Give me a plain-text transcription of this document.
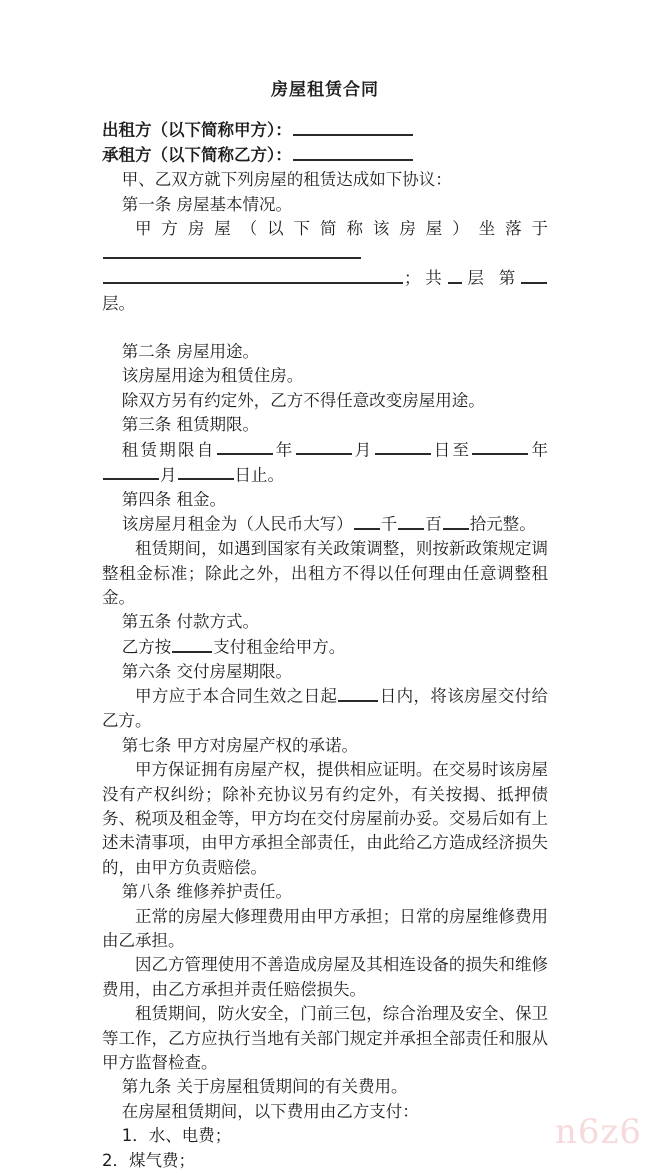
房屋租赁合同

出租方（以下简称甲方）：

承租方（以下简称乙方）：

甲、乙双方就下列房屋的租赁达成如下协议：

第一条 房屋基本情况。

甲方房屋（以下简称该房屋）坐落于；共 层 第层。

第二条 房屋用途。

该房屋用途为租赁住房。

除双方另有约定外，乙方不得任意改变房屋用途。

第三条 租赁期限。

租赁期限自	年	月	日至	年月	日止。

第四条 租金。

该房屋月租金为（人民币大写） 千 百 拾元整。

租赁期间，如遇到国家有关政策调整，则按新政策规定调整租金标准；除此之外，出租方不得以任何理由任意调整租金。

第五条 付款方式。

乙方按	支付租金给甲方。

第六条 交付房屋期限。

甲方应于本合同生效之日起	日内，将该房屋交付给乙方。

第七条 甲方对房屋产权的承诺。

甲方保证拥有房屋产权，提供相应证明。在交易时该房屋没有产权纠纷；除补充协议另有约定外，有关按揭、抵押债务、税项及租金等，甲方均在交付房屋前办妥。交易后如有上述未清事项，由甲方承担全部责任，由此给乙方造成经济损失的，由甲方负责赔偿。

第八条 维修养护责任。

正常的房屋大修理费用由甲方承担；日常的房屋维修费用由乙承担。

因乙方管理使用不善造成房屋及其相连设备的损失和维修费用，由乙方承担并责任赔偿损失。

租赁期间，防火安全，门前三包，综合治理及安全、保卫等工作，乙方应执行当地有关部门规定并承担全部责任和服从甲方监督检查。

第九条 关于房屋租赁期间的有关费用。

在房屋租赁期间，以下费用由乙方支付：

1．水、电费；

2．煤气费；

n6z6
